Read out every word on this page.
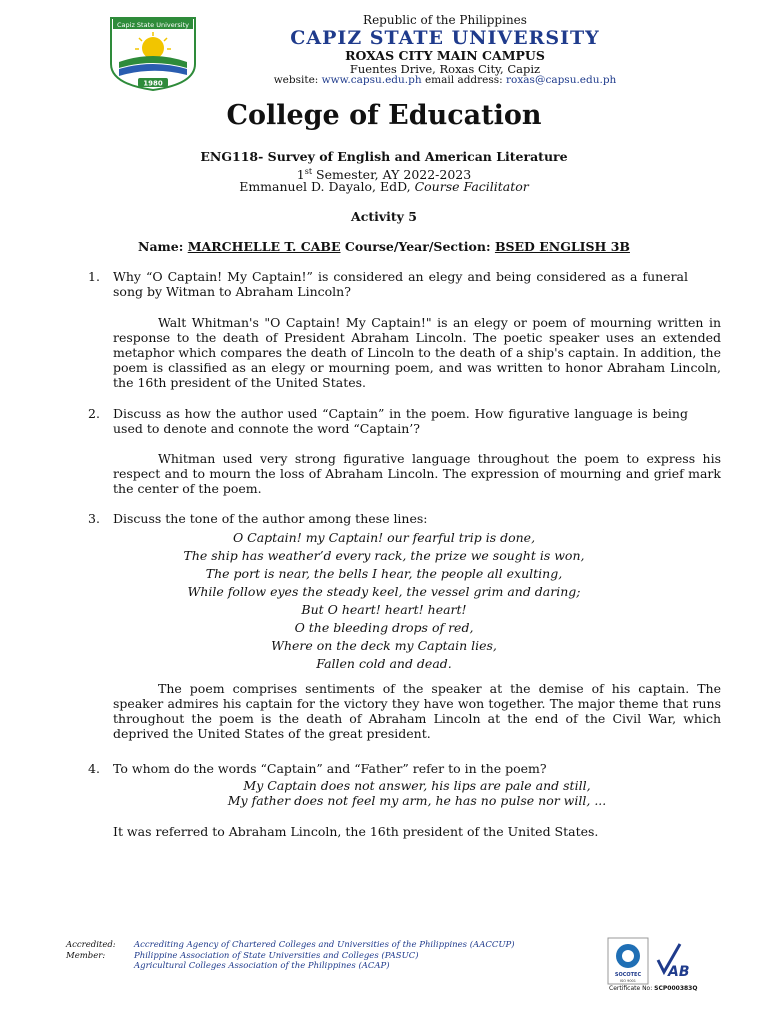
Capiz State University
1980
Republic of the Philippines
CAPIZ STATE UNIVERSITY
ROXAS CITY MAIN CAMPUS
Fuentes Drive, Roxas City, Capiz
website: www.capsu.edu.ph email address: roxas@capsu.edu.ph
College of Education
ENG118- Survey of English and American Literature
1st Semester, AY 2022-2023
Emmanuel D. Dayalo, EdD, Course Facilitator
Activity 5
Name: MARCHELLE T. CABE Course/Year/Section: BSED ENGLISH 3B
1. Why “O Captain! My Captain!” is considered an elegy and being considered as a funeral song by Witman to Abraham Lincoln?
Walt Whitman's "O Captain! My Captain!" is an elegy or poem of mourning written in response to the death of President Abraham Lincoln. The poetic speaker uses an extended metaphor which compares the death of Lincoln to the death of a ship's captain. In addition, the poem is classified as an elegy or mourning poem, and was written to honor Abraham Lincoln, the 16th president of the United States.
2. Discuss as how the author used “Captain” in the poem. How figurative language is being used to denote and connote the word “Captain’?
Whitman used very strong figurative language throughout the poem to express his respect and to mourn the loss of Abraham Lincoln. The expression of mourning and grief mark the center of the poem.
3. Discuss the tone of the author among these lines:
O Captain! my Captain! our fearful trip is done,
The ship has weather’d every rack, the prize we sought is won,
The port is near, the bells I hear, the people all exulting,
While follow eyes the steady keel, the vessel grim and daring;
But O heart! heart! heart!
O the bleeding drops of red,
Where on the deck my Captain lies,
Fallen cold and dead.
The poem comprises sentiments of the speaker at the demise of his captain. The speaker admires his captain for the victory they have won together. The major theme that runs throughout the poem is the death of Abraham Lincoln at the end of the Civil War, which deprived the United States of the great president.
4. To whom do the words “Captain” and “Father” refer to in the poem?
My Captain does not answer, his lips are pale and still,
My father does not feel my arm, he has no pulse nor will, ...
It was referred to Abraham Lincoln, the 16th president of the United States.
Accredited:
Member:
Accrediting Agency of Chartered Colleges and Universities of the Philippines (AACCUP)
Philippine Association of State Universities and Colleges (PASUC)
Agricultural Colleges Association of the Philippines (ACAP)
SOCOTEC
ISO 9001
AB
Certificate No: SCP000383Q
